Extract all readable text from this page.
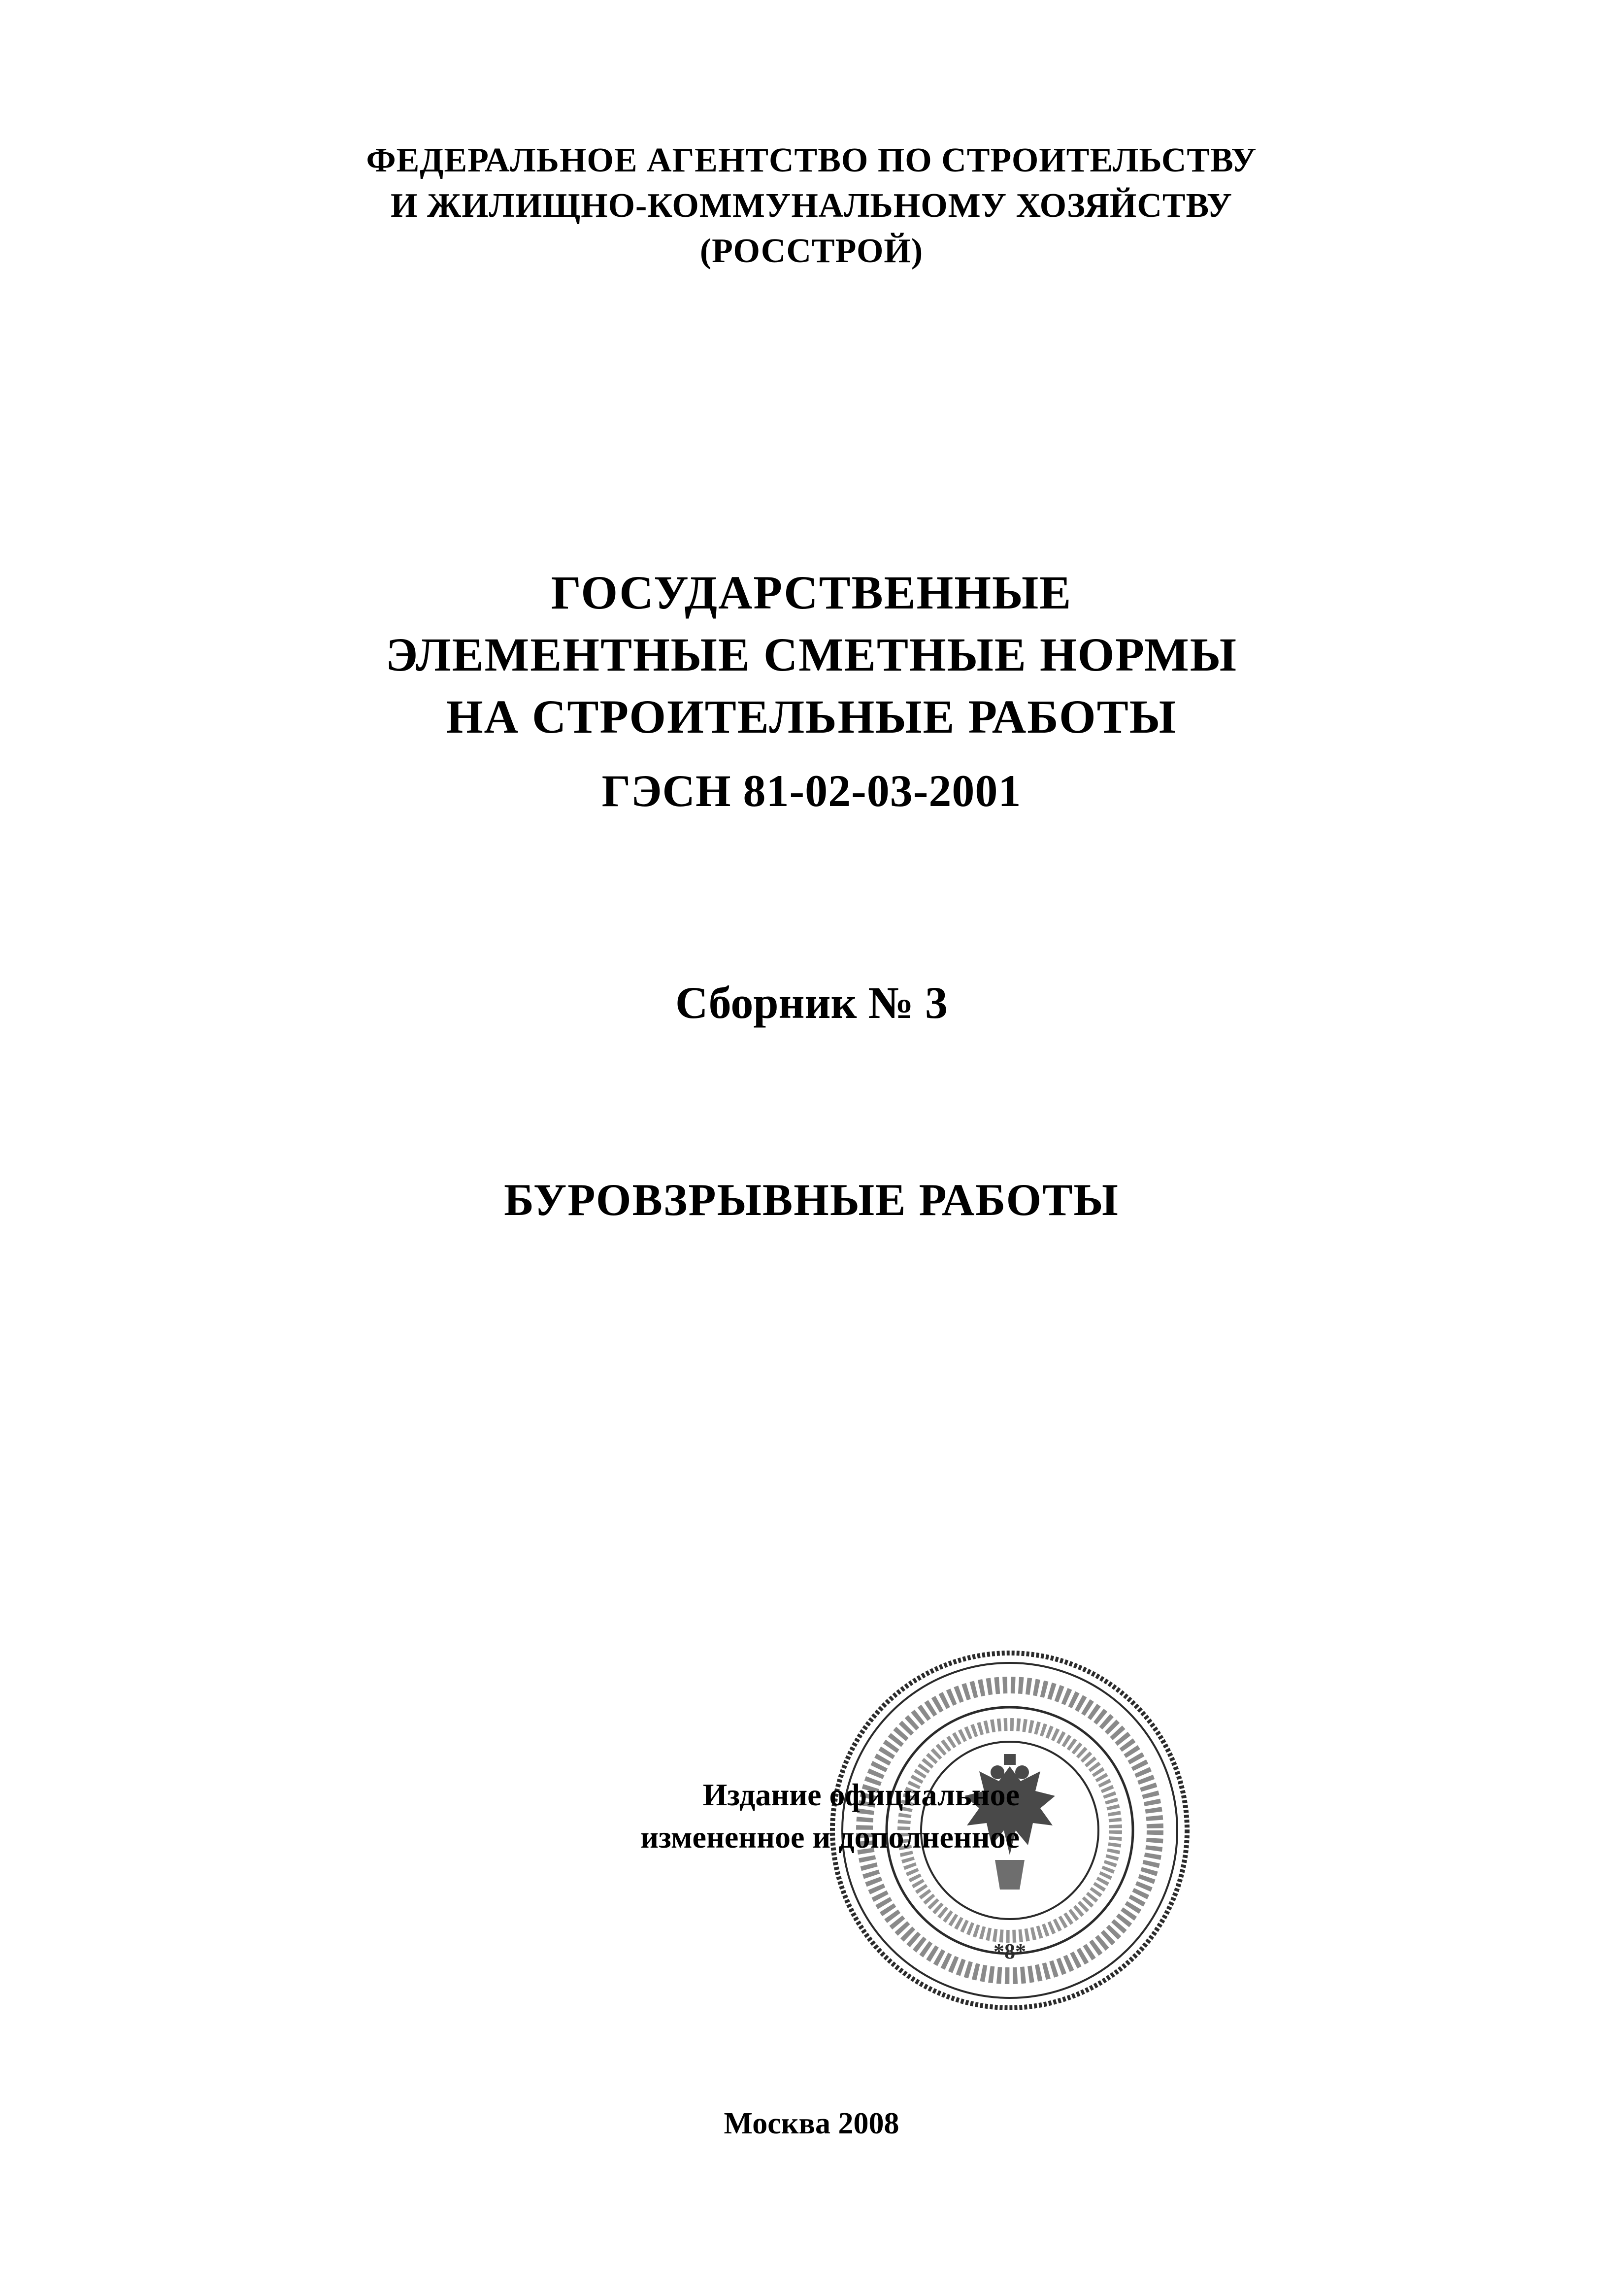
ФЕДЕРАЛЬНОЕ АГЕНТСТВО ПО СТРОИТЕЛЬСТВУ
И ЖИЛИЩНО-КОММУНАЛЬНОМУ ХОЗЯЙСТВУ
(РОССТРОЙ)
ГОСУДАРСТВЕННЫЕ
ЭЛЕМЕНТНЫЕ СМЕТНЫЕ НОРМЫ
НА СТРОИТЕЛЬНЫЕ РАБОТЫ
ГЭСН 81-02-03-2001
Сборник № 3
БУРОВЗРЫВНЫЕ РАБОТЫ
*8*
Издание официальное
измененное и дополненное
Москва 2008
